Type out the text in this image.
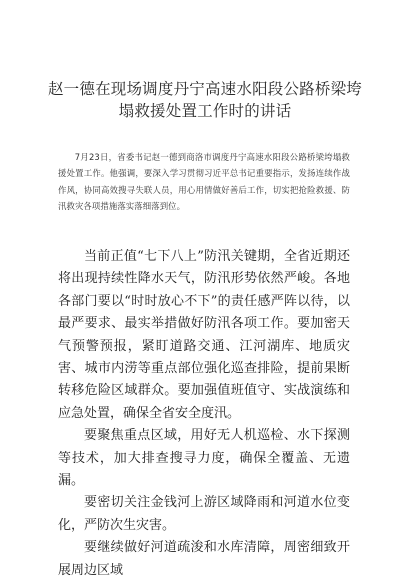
赵一德在现场调度丹宁高速水阳段公路桥梁垮塌救援处置工作时的讲话

7月23日，省委书记赵一德到商洛市调度丹宁高速水阳段公路桥梁垮塌救援处置工作。他强调，要深入学习贯彻习近平总书记重要指示，发扬连续作战作风，协同高效搜寻失联人员，用心用情做好善后工作，切实把抢险救援、防汛救灾各项措施落实落细落到位。

当前正值“七下八上”防汛关键期，全省近期还将出现持续性降水天气，防汛形势依然严峻。各地各部门要以“时时放心不下”的责任感严阵以待，以最严要求、最实举措做好防汛各项工作。要加密天气预警预报，紧盯道路交通、江河湖库、地质灾害、城市内涝等重点部位强化巡查排险，提前果断转移危险区域群众。要加强值班值守、实战演练和应急处置，确保全省安全度汛。

要聚焦重点区域，用好无人机巡检、水下探测等技术，加大排查搜寻力度，确保全覆盖、无遗漏。

要密切关注金钱河上游区域降雨和河道水位变化，严防次生灾害。

要继续做好河道疏浚和水库清障，周密细致开展周边区域
